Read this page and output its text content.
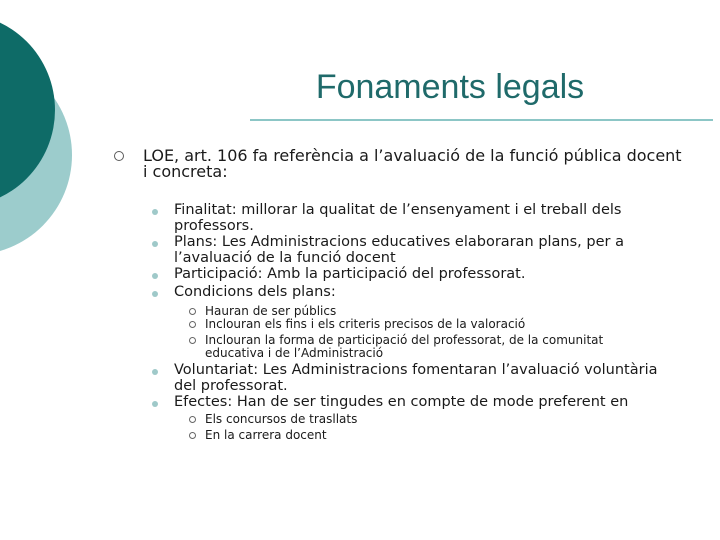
Fonaments legals
LOE, art. 106 fa referència a l’avaluació de la funció pública docent i concreta:
Finalitat: millorar la qualitat de l’ensenyament i el treball dels professors.
Plans: Les Administracions educatives elaboraran plans, per a l’avaluació de la funció docent
Participació: Amb la participació del professorat.
Condicions dels plans:
Hauran de ser públics
Inclouran els fins i els criteris precisos de la valoració
Inclouran la forma de participació del professorat, de la comunitat educativa i de l’Administració
Voluntariat: Les Administracions fomentaran l’avaluació voluntària del professorat.
Efectes: Han de ser tingudes en compte de mode preferent en
Els concursos de trasllats
En la carrera docent
